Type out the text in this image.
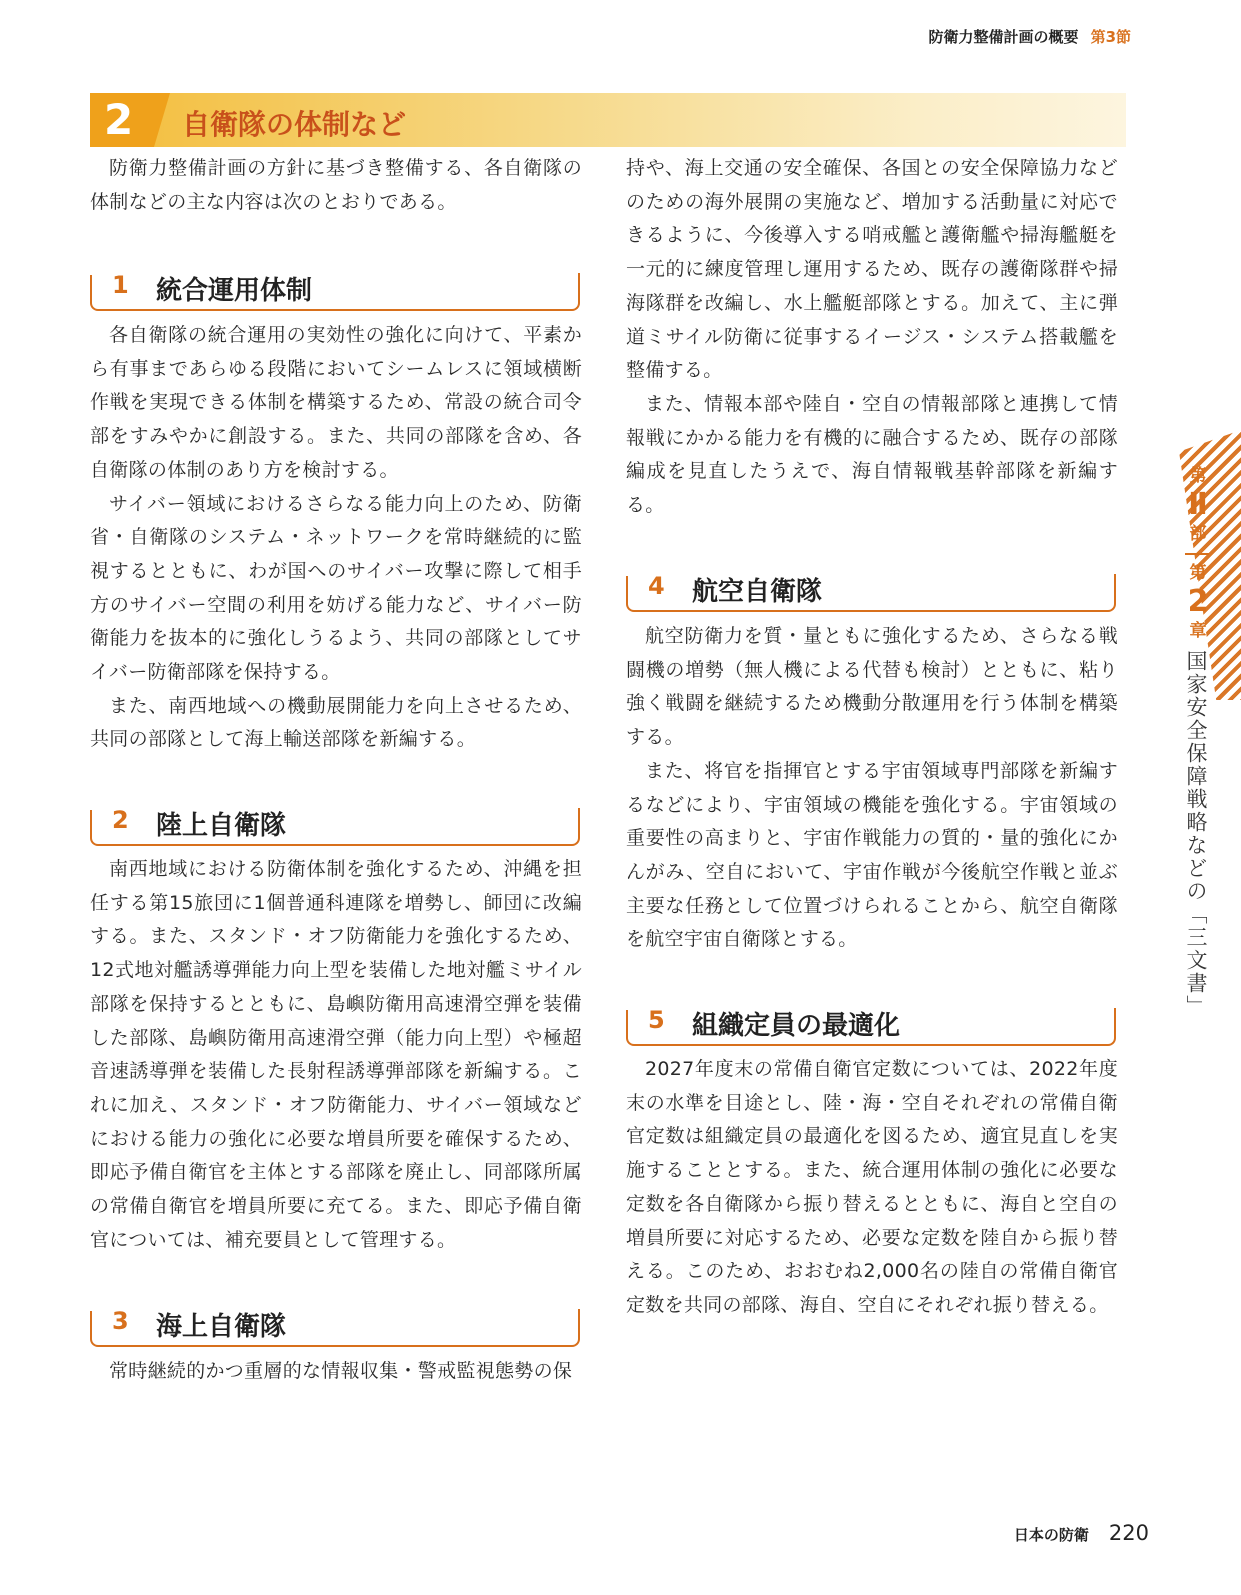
防衛力整備計画の概要 第3節
2 自衛隊の体制など

防衛力整備計画の方針に基づき整備する、各自衛隊の体制などの主な内容は次のとおりである。

1 統合運用体制

各自衛隊の統合運用の実効性の強化に向けて、平素から有事まであらゆる段階においてシームレスに領域横断作戦を実現できる体制を構築するため、常設の統合司令部をすみやかに創設する。また、共同の部隊を含め、各自衛隊の体制のあり方を検討する。

サイバー領域におけるさらなる能力向上のため、防衛省・自衛隊のシステム・ネットワークを常時継続的に監視するとともに、わが国へのサイバー攻撃に際して相手方のサイバー空間の利用を妨げる能力など、サイバー防衛能力を抜本的に強化しうるよう、共同の部隊としてサイバー防衛部隊を保持する。

また、南西地域への機動展開能力を向上させるため、共同の部隊として海上輸送部隊を新編する。

2 陸上自衛隊

南西地域における防衛体制を強化するため、沖縄を担任する第15旅団に1個普通科連隊を増勢し、師団に改編する。また、スタンド・オフ防衛能力を強化するため、12式地対艦誘導弾能力向上型を装備した地対艦ミサイル部隊を保持するとともに、島嶼防衛用高速滑空弾を装備した部隊、島嶼防衛用高速滑空弾（能力向上型）や極超音速誘導弾を装備した長射程誘導弾部隊を新編する。これに加え、スタンド・オフ防衛能力、サイバー領域などにおける能力の強化に必要な増員所要を確保するため、即応予備自衛官を主体とする部隊を廃止し、同部隊所属の常備自衛官を増員所要に充てる。また、即応予備自衛官については、補充要員として管理する。

3 海上自衛隊

常時継続的かつ重層的な情報収集・警戒監視態勢の保

持や、海上交通の安全確保、各国との安全保障協力などのための海外展開の実施など、増加する活動量に対応できるように、今後導入する哨戒艦と護衛艦や掃海艦艇を一元的に練度管理し運用するため、既存の護衛隊群や掃海隊群を改編し、水上艦艇部隊とする。加えて、主に弾道ミサイル防衛に従事するイージス・システム搭載艦を整備する。

また、情報本部や陸自・空自の情報部隊と連携して情報戦にかかる能力を有機的に融合するため、既存の部隊編成を見直したうえで、海自情報戦基幹部隊を新編する。

4 航空自衛隊

航空防衛力を質・量ともに強化するため、さらなる戦闘機の増勢（無人機による代替も検討）とともに、粘り強く戦闘を継続するため機動分散運用を行う体制を構築する。

また、将官を指揮官とする宇宙領域専門部隊を新編するなどにより、宇宙領域の機能を強化する。宇宙領域の重要性の高まりと、宇宙作戦能力の質的・量的強化にかんがみ、空自において、宇宙作戦が今後航空作戦と並ぶ主要な任務として位置づけられることから、航空自衛隊を航空宇宙自衛隊とする。

5 組織定員の最適化

2027年度末の常備自衛官定数については、2022年度末の水準を目途とし、陸・海・空自それぞれの常備自衛官定数は組織定員の最適化を図るため、適宜見直しを実施することとする。また、統合運用体制の強化に必要な定数を各自衛隊から振り替えるとともに、海自と空自の増員所要に対応するため、必要な定数を陸自から振り替える。このため、おおむね2,000名の陸自の常備自衛官定数を共同の部隊、海自、空自にそれぞれ振り替える。

第
Ⅱ
部
第
2
章
国家安全保障戦略などの「三文書」
日本の防衛 220
